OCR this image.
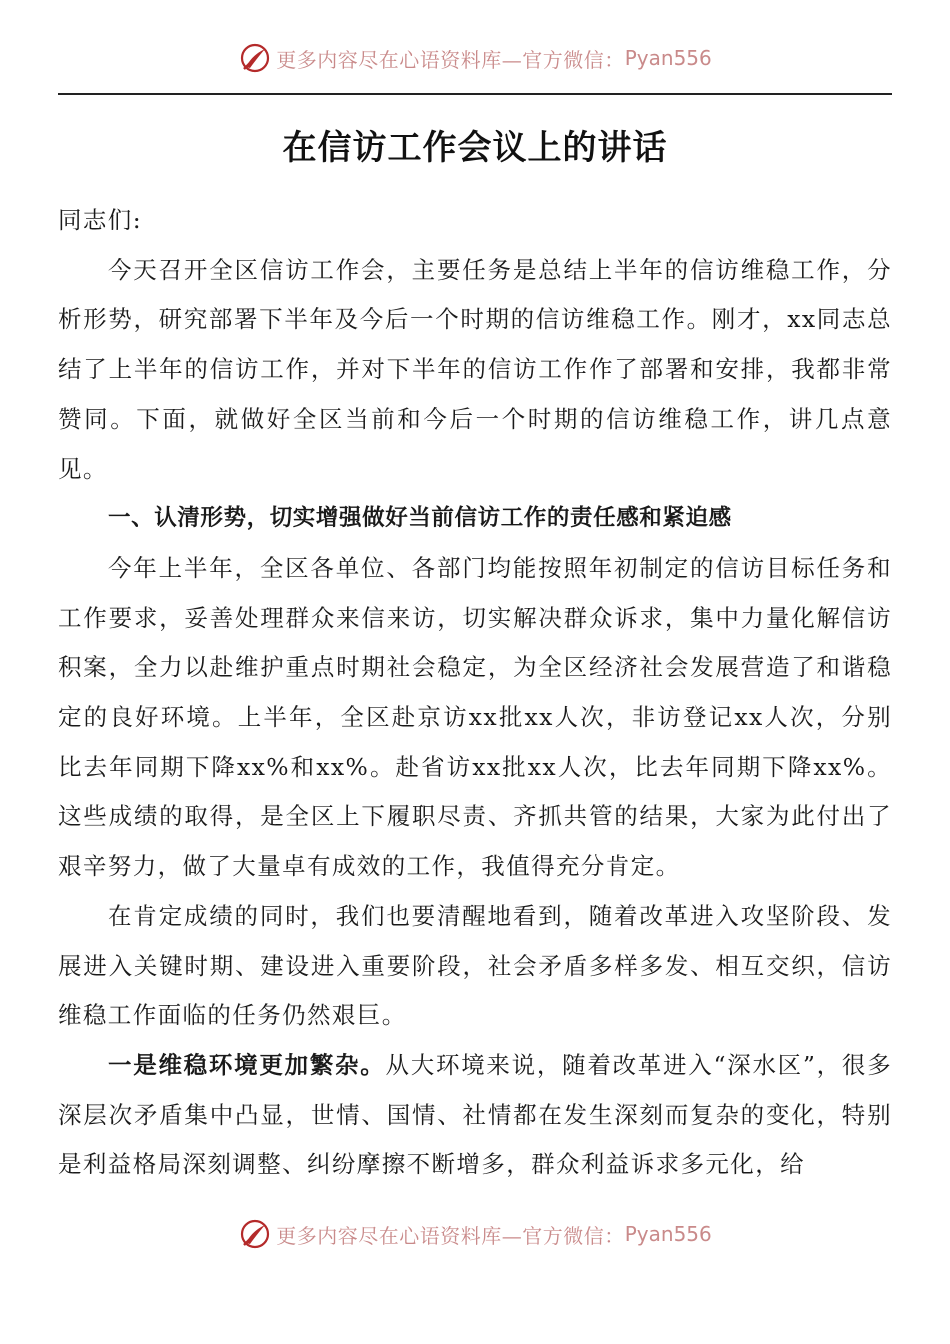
更多内容尽在心语资料库—官方微信： Pyan556
在信访工作会议上的讲话

同志们:

今天召开全区信访工作会，主要任务是总结上半年的信访维稳工作，分析形势，研究部署下半年及今后一个时期的信访维稳工作。刚才，xx同志总结了上半年的信访工作，并对下半年的信访工作作了部署和安排，我都非常赞同。下面，就做好全区当前和今后一个时期的信访维稳工作，讲几点意见。

一、认清形势，切实增强做好当前信访工作的责任感和紧迫感

今年上半年，全区各单位、各部门均能按照年初制定的信访目标任务和工作要求，妥善处理群众来信来访，切实解决群众诉求，集中力量化解信访积案，全力以赴维护重点时期社会稳定，为全区经济社会发展营造了和谐稳定的良好环境。上半年，全区赴京访xx批xx人次，非访登记xx人次，分别比去年同期下降xx%和xx%。赴省访xx批xx人次，比去年同期下降xx%。这些成绩的取得，是全区上下履职尽责、齐抓共管的结果，大家为此付出了艰辛努力，做了大量卓有成效的工作，我值得充分肯定。

在肯定成绩的同时，我们也要清醒地看到，随着改革进入攻坚阶段、发展进入关键时期、建设进入重要阶段，社会矛盾多样多发、相互交织，信访维稳工作面临的任务仍然艰巨。

一是维稳环境更加繁杂。从大环境来说，随着改革进入“深水区”，很多深层次矛盾集中凸显，世情、国情、社情都在发生深刻而复杂的变化，特别是利益格局深刻调整、纠纷摩擦不断增多，群众利益诉求多元化，给

更多内容尽在心语资料库—官方微信： Pyan556
